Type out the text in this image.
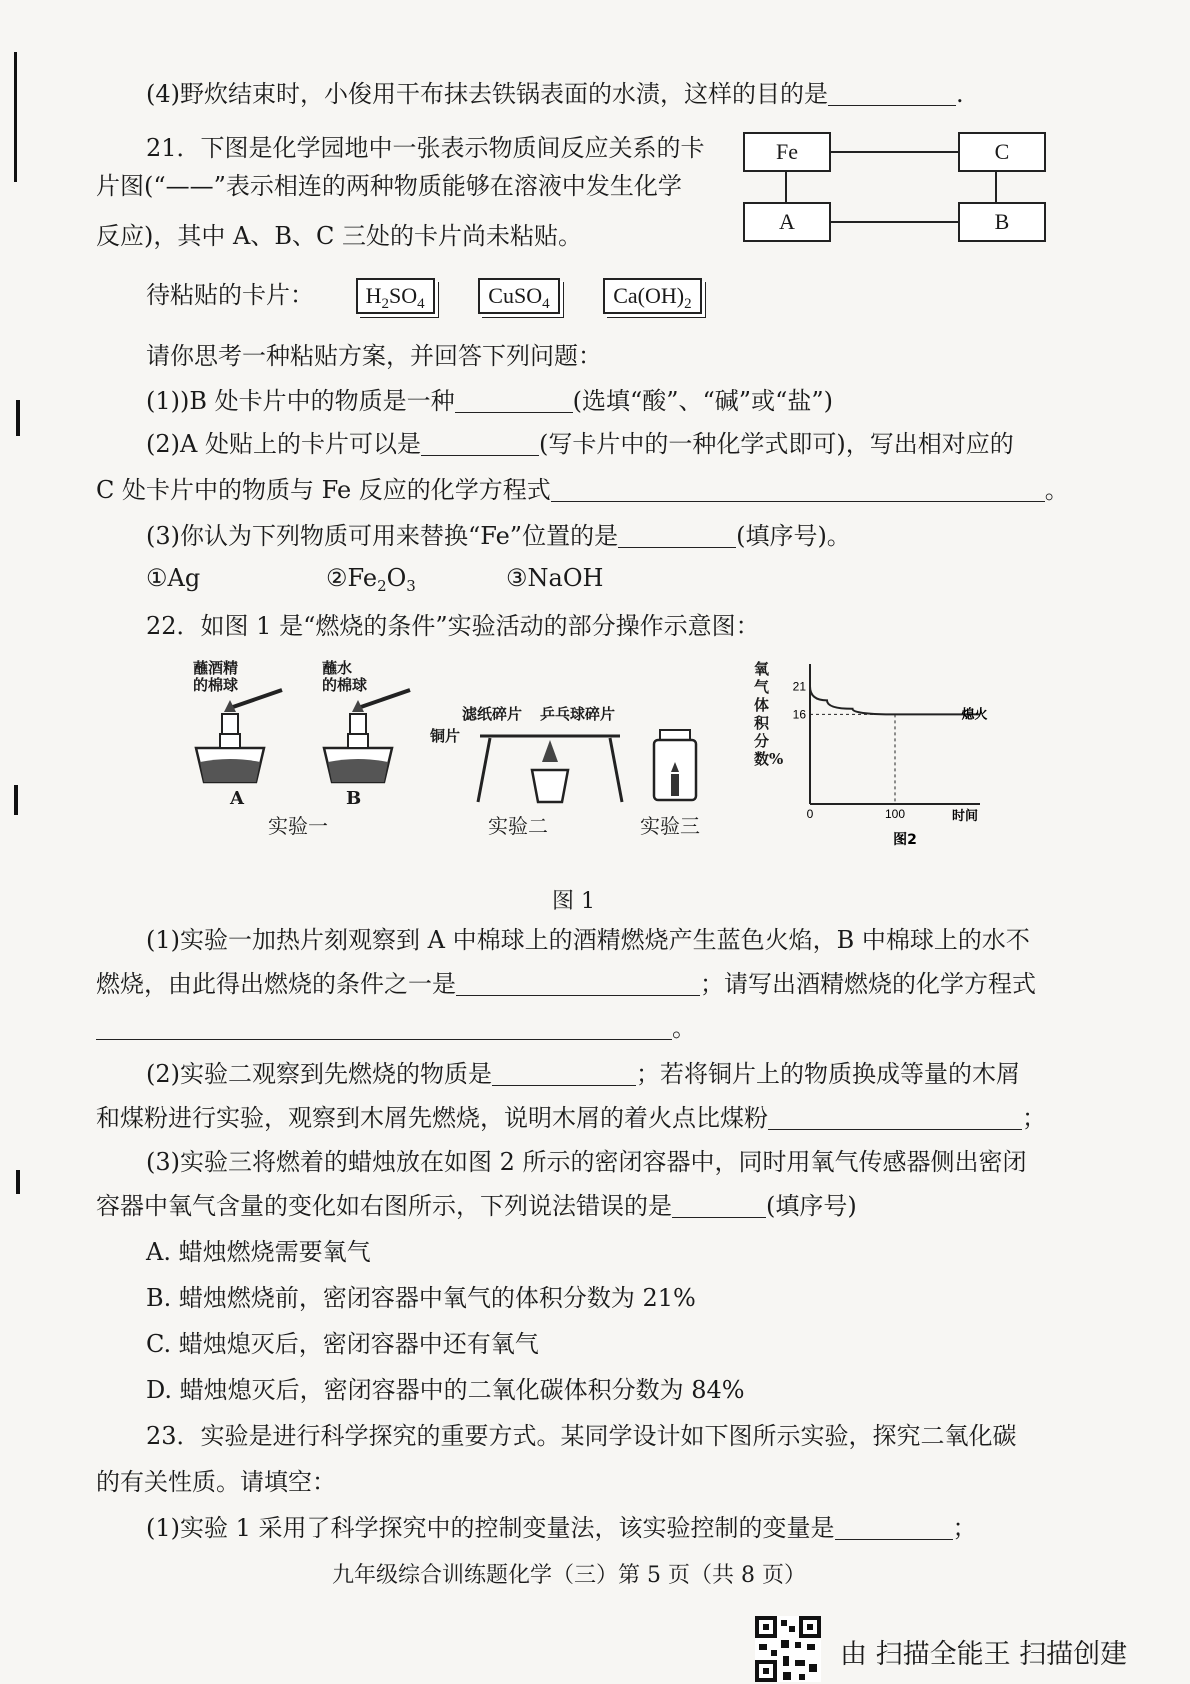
(4)野炊结束时，小俊用干布抹去铁锅表面的水渍，这样的目的是	.
21．下图是化学园地中一张表示物质间反应关系的卡
片图(“——”表示相连的两种物质能够在溶液中发生化学
反应)，其中 A、B、C 三处的卡片尚未粘贴。
Fe	C
A	B
待粘贴的卡片： $H_2SO_4$	CuSO$_4$	$Ca(OH)_2$
请你思考一种粘贴方案，并回答下列问题：
(1))B 处卡片中的物质是一种	(选填“酸”、“碱”或“盐”)
(2)A 处贴上的卡片可以是	(写卡片中的一种化学式即可)，写出相对应的
C 处卡片中的物质与 Fe 反应的化学方程式	。
(3)你认为下列物质可用来替换“Fe”位置的是	(填序号)。
①Ag	$②Fe_2O_3$	③NaOH
22．如图 1 是“燃烧的条件”实验活动的部分操作示意图：
蘸酒精
的棉球
蘸水
的棉球
A	B
实验一
滤纸碎片 乒乓球碎片
铜片
实验二	实验三
氧气体积分数%
21
16
0	100	时间
熄火
图2
图 1
(1)实验一加热片刻观察到 A 中棉球上的酒精燃烧产生蓝色火焰，B 中棉球上的水不
燃烧，由此得出燃烧的条件之一是	；请写出酒精燃烧的化学方程式
。
(2)实验二观察到先燃烧的物质是	；若将铜片上的物质换成等量的木屑
和煤粉进行实验，观察到木屑先燃烧，说明木屑的着火点比煤粉	；
(3)实验三将燃着的蜡烛放在如图 2 所示的密闭容器中，同时用氧气传感器侧出密闭
容器中氧气含量的变化如右图所示，下列说法错误的是	(填序号)
A. 蜡烛燃烧需要氧气
B. 蜡烛燃烧前，密闭容器中氧气的体积分数为 21%
C. 蜡烛熄灭后，密闭容器中还有氧气
D. 蜡烛熄灭后，密闭容器中的二氧化碳体积分数为 84%
23．实验是进行科学探究的重要方式。某同学设计如下图所示实验，探究二氧化碳
的有关性质。请填空：
(1)实验 1 采用了科学探究中的控制变量法，该实验控制的变量是	；
九年级综合训练题化学（三）第 5 页（共 8 页）
由 扫描全能王 扫描创建
